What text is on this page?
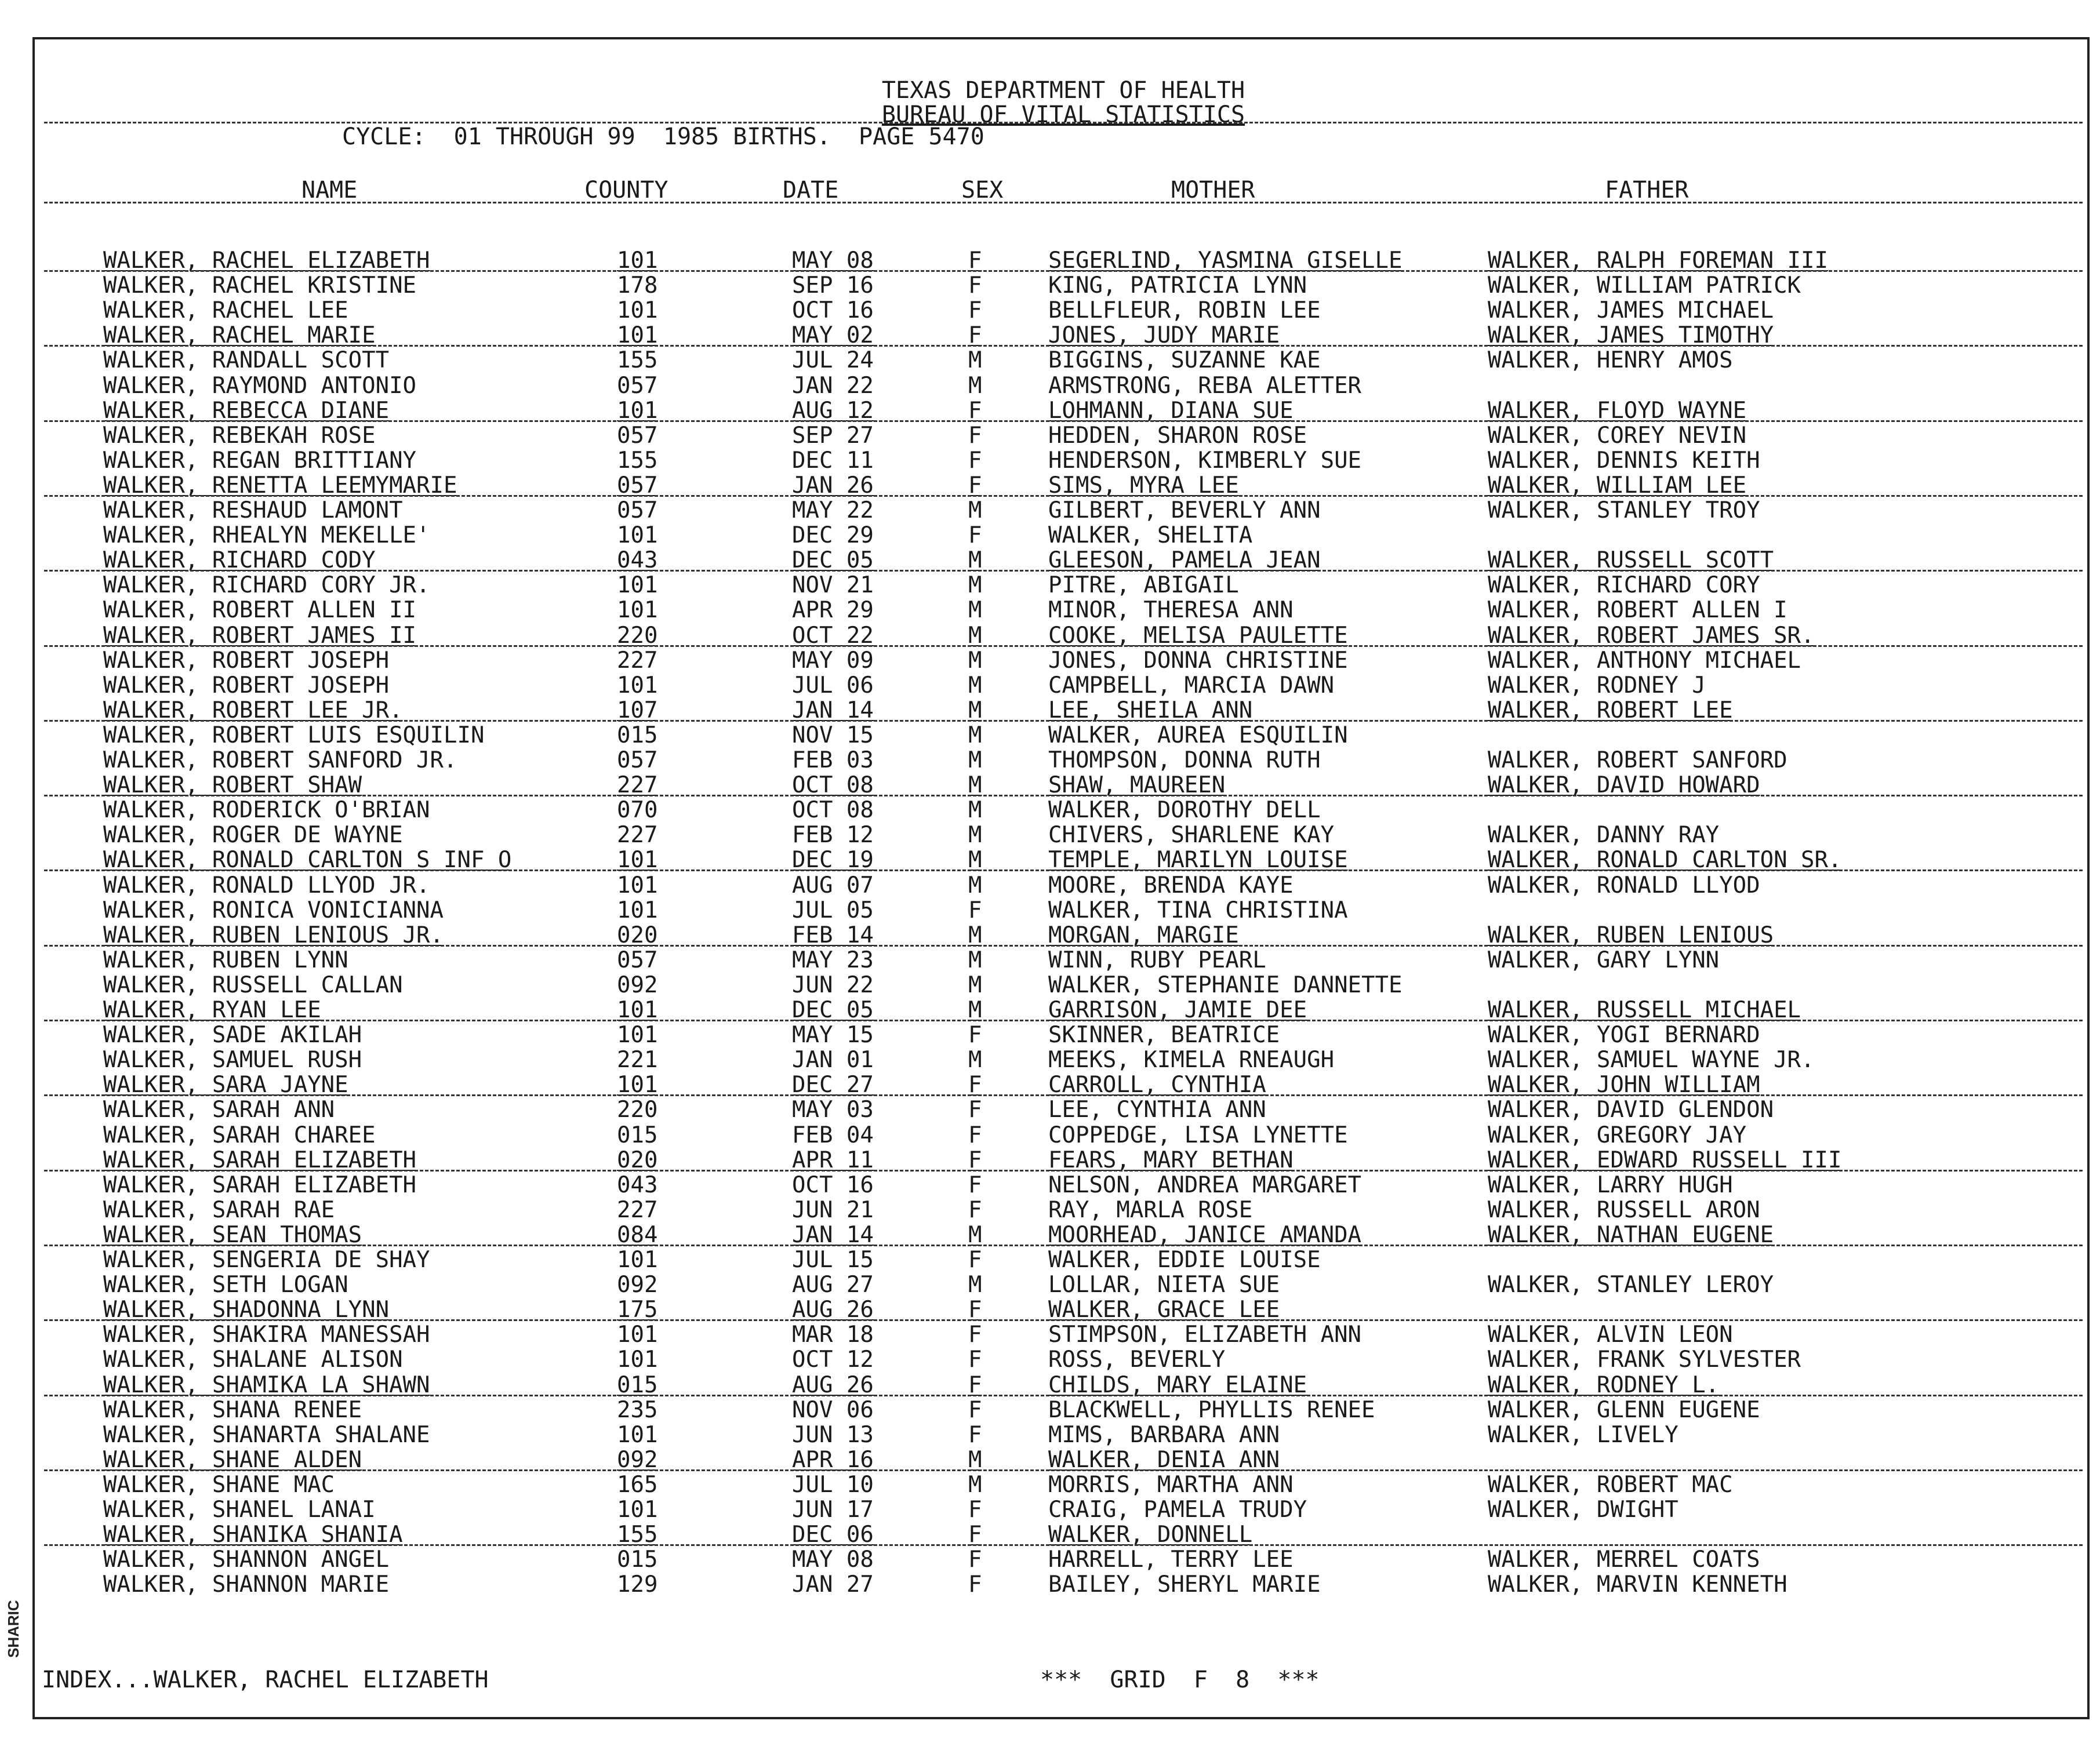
SHARIC
TEXAS DEPARTMENT OF HEALTH
BUREAU OF VITAL STATISTICS
CYCLE:  01 THROUGH 99  1985 BIRTHS.  PAGE 5470
NAME	COUNTY	DATE	SEX	MOTHER	FATHER
WALKER, RACHEL ELIZABETH	101	MAY 08	F	SEGERLIND, YASMINA GISELLE	WALKER, RALPH FOREMAN III
WALKER, RACHEL KRISTINE	178	SEP 16	F	KING, PATRICIA LYNN	WALKER, WILLIAM PATRICK
WALKER, RACHEL LEE	101	OCT 16	F	BELLFLEUR, ROBIN LEE	WALKER, JAMES MICHAEL
WALKER, RACHEL MARIE	101	MAY 02	F	JONES, JUDY MARIE	WALKER, JAMES TIMOTHY
WALKER, RANDALL SCOTT	155	JUL 24	M	BIGGINS, SUZANNE KAE	WALKER, HENRY AMOS
WALKER, RAYMOND ANTONIO	057	JAN 22	M	ARMSTRONG, REBA ALETTER
WALKER, REBECCA DIANE	101	AUG 12	F	LOHMANN, DIANA SUE	WALKER, FLOYD WAYNE
WALKER, REBEKAH ROSE	057	SEP 27	F	HEDDEN, SHARON ROSE	WALKER, COREY NEVIN
WALKER, REGAN BRITTIANY	155	DEC 11	F	HENDERSON, KIMBERLY SUE	WALKER, DENNIS KEITH
WALKER, RENETTA LEEMYMARIE	057	JAN 26	F	SIMS, MYRA LEE	WALKER, WILLIAM LEE
WALKER, RESHAUD LAMONT	057	MAY 22	M	GILBERT, BEVERLY ANN	WALKER, STANLEY TROY
WALKER, RHEALYN MEKELLE'	101	DEC 29	F	WALKER, SHELITA
WALKER, RICHARD CODY	043	DEC 05	M	GLEESON, PAMELA JEAN	WALKER, RUSSELL SCOTT
WALKER, RICHARD CORY JR.	101	NOV 21	M	PITRE, ABIGAIL	WALKER, RICHARD CORY
WALKER, ROBERT ALLEN II	101	APR 29	M	MINOR, THERESA ANN	WALKER, ROBERT ALLEN I
WALKER, ROBERT JAMES II	220	OCT 22	M	COOKE, MELISA PAULETTE	WALKER, ROBERT JAMES SR.
WALKER, ROBERT JOSEPH	227	MAY 09	M	JONES, DONNA CHRISTINE	WALKER, ANTHONY MICHAEL
WALKER, ROBERT JOSEPH	101	JUL 06	M	CAMPBELL, MARCIA DAWN	WALKER, RODNEY J
WALKER, ROBERT LEE JR.	107	JAN 14	M	LEE, SHEILA ANN	WALKER, ROBERT LEE
WALKER, ROBERT LUIS ESQUILIN	015	NOV 15	M	WALKER, AUREA ESQUILIN
WALKER, ROBERT SANFORD JR.	057	FEB 03	M	THOMPSON, DONNA RUTH	WALKER, ROBERT SANFORD
WALKER, ROBERT SHAW	227	OCT 08	M	SHAW, MAUREEN	WALKER, DAVID HOWARD
WALKER, RODERICK O'BRIAN	070	OCT 08	M	WALKER, DOROTHY DELL
WALKER, ROGER DE WAYNE	227	FEB 12	M	CHIVERS, SHARLENE KAY	WALKER, DANNY RAY
WALKER, RONALD CARLTON S INF O	101	DEC 19	M	TEMPLE, MARILYN LOUISE	WALKER, RONALD CARLTON SR.
WALKER, RONALD LLYOD JR.	101	AUG 07	M	MOORE, BRENDA KAYE	WALKER, RONALD LLYOD
WALKER, RONICA VONICIANNA	101	JUL 05	F	WALKER, TINA CHRISTINA
WALKER, RUBEN LENIOUS JR.	020	FEB 14	M	MORGAN, MARGIE	WALKER, RUBEN LENIOUS
WALKER, RUBEN LYNN	057	MAY 23	M	WINN, RUBY PEARL	WALKER, GARY LYNN
WALKER, RUSSELL CALLAN	092	JUN 22	M	WALKER, STEPHANIE DANNETTE
WALKER, RYAN LEE	101	DEC 05	M	GARRISON, JAMIE DEE	WALKER, RUSSELL MICHAEL
WALKER, SADE AKILAH	101	MAY 15	F	SKINNER, BEATRICE	WALKER, YOGI BERNARD
WALKER, SAMUEL RUSH	221	JAN 01	M	MEEKS, KIMELA RNEAUGH	WALKER, SAMUEL WAYNE JR.
WALKER, SARA JAYNE	101	DEC 27	F	CARROLL, CYNTHIA	WALKER, JOHN WILLIAM
WALKER, SARAH ANN	220	MAY 03	F	LEE, CYNTHIA ANN	WALKER, DAVID GLENDON
WALKER, SARAH CHAREE	015	FEB 04	F	COPPEDGE, LISA LYNETTE	WALKER, GREGORY JAY
WALKER, SARAH ELIZABETH	020	APR 11	F	FEARS, MARY BETHAN	WALKER, EDWARD RUSSELL III
WALKER, SARAH ELIZABETH	043	OCT 16	F	NELSON, ANDREA MARGARET	WALKER, LARRY HUGH
WALKER, SARAH RAE	227	JUN 21	F	RAY, MARLA ROSE	WALKER, RUSSELL ARON
WALKER, SEAN THOMAS	084	JAN 14	M	MOORHEAD, JANICE AMANDA	WALKER, NATHAN EUGENE
WALKER, SENGERIA DE SHAY	101	JUL 15	F	WALKER, EDDIE LOUISE
WALKER, SETH LOGAN	092	AUG 27	M	LOLLAR, NIETA SUE	WALKER, STANLEY LEROY
WALKER, SHADONNA LYNN	175	AUG 26	F	WALKER, GRACE LEE
WALKER, SHAKIRA MANESSAH	101	MAR 18	F	STIMPSON, ELIZABETH ANN	WALKER, ALVIN LEON
WALKER, SHALANE ALISON	101	OCT 12	F	ROSS, BEVERLY	WALKER, FRANK SYLVESTER
WALKER, SHAMIKA LA SHAWN	015	AUG 26	F	CHILDS, MARY ELAINE	WALKER, RODNEY L.
WALKER, SHANA RENEE	235	NOV 06	F	BLACKWELL, PHYLLIS RENEE	WALKER, GLENN EUGENE
WALKER, SHANARTA SHALANE	101	JUN 13	F	MIMS, BARBARA ANN	WALKER, LIVELY
WALKER, SHANE ALDEN	092	APR 16	M	WALKER, DENIA ANN
WALKER, SHANE MAC	165	JUL 10	M	MORRIS, MARTHA ANN	WALKER, ROBERT MAC
WALKER, SHANEL LANAI	101	JUN 17	F	CRAIG, PAMELA TRUDY	WALKER, DWIGHT
WALKER, SHANIKA SHANIA	155	DEC 06	F	WALKER, DONNELL
WALKER, SHANNON ANGEL	015	MAY 08	F	HARRELL, TERRY LEE	WALKER, MERREL COATS
WALKER, SHANNON MARIE	129	JAN 27	F	BAILEY, SHERYL MARIE	WALKER, MARVIN KENNETH
INDEX...WALKER, RACHEL ELIZABETH	***  GRID  F  8  ***
